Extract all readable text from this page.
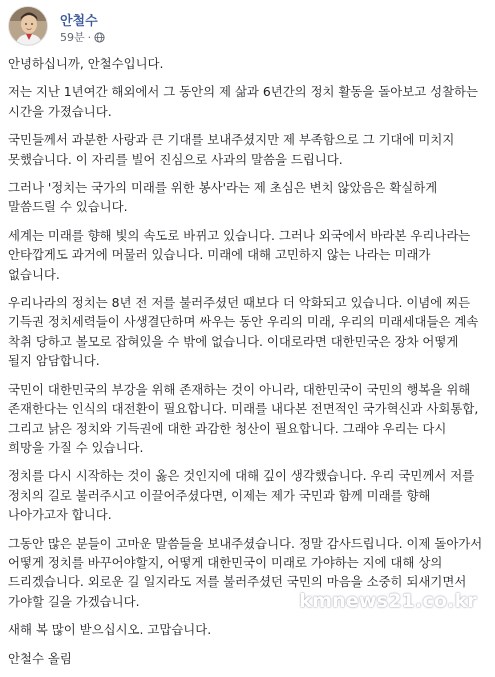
안철수
59분 ·

안녕하십니까, 안철수입니다.

저는 지난 1년여간 해외에서 그 동안의 제 삶과 6년간의 정치 활동을 돌아보고 성찰하는 시간을 가졌습니다.

국민들께서 과분한 사랑과 큰 기대를 보내주셨지만 제 부족함으로 그 기대에 미치지 못했습니다. 이 자리를 빌어 진심으로 사과의 말씀을 드립니다.

그러나 '정치는 국가의 미래를 위한 봉사'라는 제 초심은 변치 않았음은 확실하게 말씀드릴 수 있습니다.

세계는 미래를 향해 빛의 속도로 바뀌고 있습니다. 그러나 외국에서 바라본 우리나라는 안타깝게도 과거에 머물러 있습니다. 미래에 대해 고민하지 않는 나라는 미래가 없습니다.

우리나라의 정치는 8년 전 저를 불러주셨던 때보다 더 악화되고 있습니다. 이념에 찌든 기득권 정치세력들이 사생결단하며 싸우는 동안 우리의 미래, 우리의 미래세대들은 계속 착취 당하고 볼모로 잡혀있을 수 밖에 없습니다. 이대로라면 대한민국은 장차 어떻게 될지 암담합니다.

국민이 대한민국의 부강을 위해 존재하는 것이 아니라, 대한민국이 국민의 행복을 위해 존재한다는 인식의 대전환이 필요합니다. 미래를 내다본 전면적인 국가혁신과 사회통합, 그리고 낡은 정치와 기득권에 대한 과감한 청산이 필요합니다. 그래야 우리는 다시 희망을 가질 수 있습니다.

정치를 다시 시작하는 것이 옳은 것인지에 대해 깊이 생각했습니다. 우리 국민께서 저를 정치의 길로 불러주시고 이끌어주셨다면, 이제는 제가 국민과 함께 미래를 향해 나아가고자 합니다.

그동안 많은 분들이 고마운 말씀들을 보내주셨습니다. 정말 감사드립니다. 이제 돌아가서 어떻게 정치를 바꾸어야할지, 어떻게 대한민국이 미래로 가야하는 지에 대해 상의 드리겠습니다. 외로운 길 일지라도 저를 불러주셨던 국민의 마음을 소중히 되새기면서 가야할 길을 가겠습니다.

새해 복 많이 받으십시오. 고맙습니다.

안철수 올림

kmnews21.co.kr
